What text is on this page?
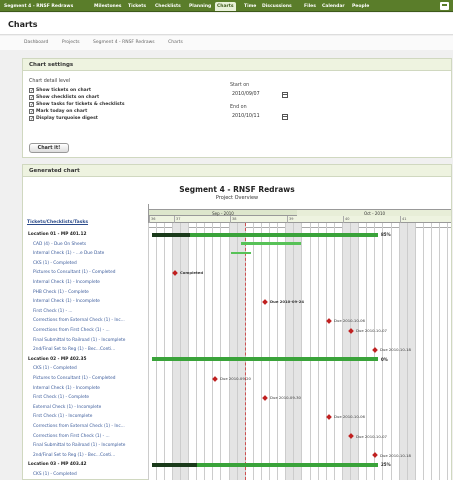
Segment 4 - RNSF Redraws	Milestones	Tickets	Checklists	Planning	Charts	Time	Discussions	Files	Calendar	People
Charts
Dashboard	Projects	Segment 4 - RNSF Redraws	Charts
Chart settings
Chart detail level
✓
Show tickets on chart
✓
Show checklists on chart
✓
Show tasks for tickets & checklists
✓
Mark today on chart
✓
Display turquoise digest
Start on
2010/09/07
End on
2010/10/11
Chart it!
Generated chart
Segment 4 - RNSF Redraws
Project Overview
Tickets/Checklists/Tasks
Location 01 - MP 401.12
CAD (4) - Due On Sheets
Internal Check (1) - ...e Due Date
CKS (1) - Completed
Pictures to Consultant (1) - Completed
Internal Check (1) - Incomplete
PHB Check (1) - Complete
Internal Check (1) - Incomplete
First Check (1) - ...
Corrections from External Check (1) - Inc...
Corrections from First Check (1) - ...
Final Submittal to Railroad (1) - Incomplete
2nd/Final Set to Reg (1) - Bec...Conti...
Location 02 - MP 402.35
CKS (1) - Completed
Pictures to Consultant (1) - Completed
Internal Check (1) - Incomplete
First Check (1) - Complete
External Check (1) - Incomplete
First Check (1) - Incomplete
Corrections from External Check (1) - Inc...
Corrections from First Check (1) - ...
Final Submittal to Railroad (1) - Incomplete
2nd/Final Set to Reg (1) - Bec...Conti...
Location 03 - MP 403.42
CKS (1) - Completed
Sep - 2010	Oct - 2010
36	37	38	39	40	41
85%
Completed
Due 2010-09-24
Due 2010-10-06
Due 2010-10-07
Due 2010-10-18
0%
Due 2010-09-20
Due 2010-09-30
Due 2010-10-06
Due 2010-10-07
Due 2010-10-18
25%
